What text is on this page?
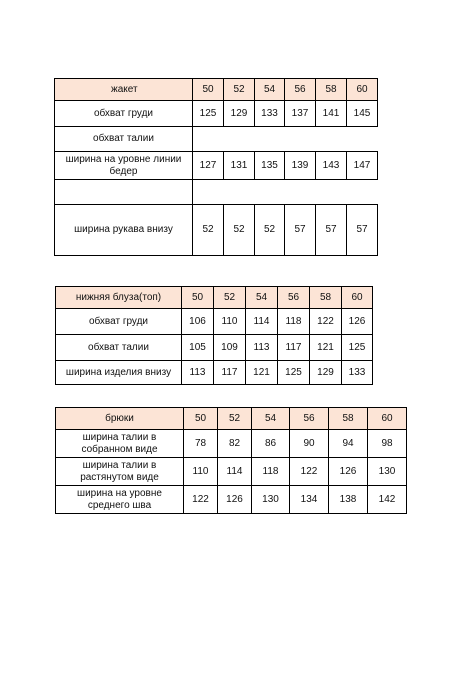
жакет	50	52	54	56	58	60
обхват груди	125	129	133	137	141	145
обхват талии						
ширина на уровне линии бедер	127	131	135	139	143	147

ширина рукава внизу	52	52	52	57	57	57
нижняя блуза(топ)	50	52	54	56	58	60
обхват груди	106	110	114	118	122	126
обхват талии	105	109	113	117	121	125
ширина изделия внизу	113	117	121	125	129	133
брюки	50	52	54	56	58	60
ширина талии в собранном виде	78	82	86	90	94	98
ширина талии в растянутом виде	110	114	118	122	126	130
ширина на уровне среднего шва	122	126	130	134	138	142
